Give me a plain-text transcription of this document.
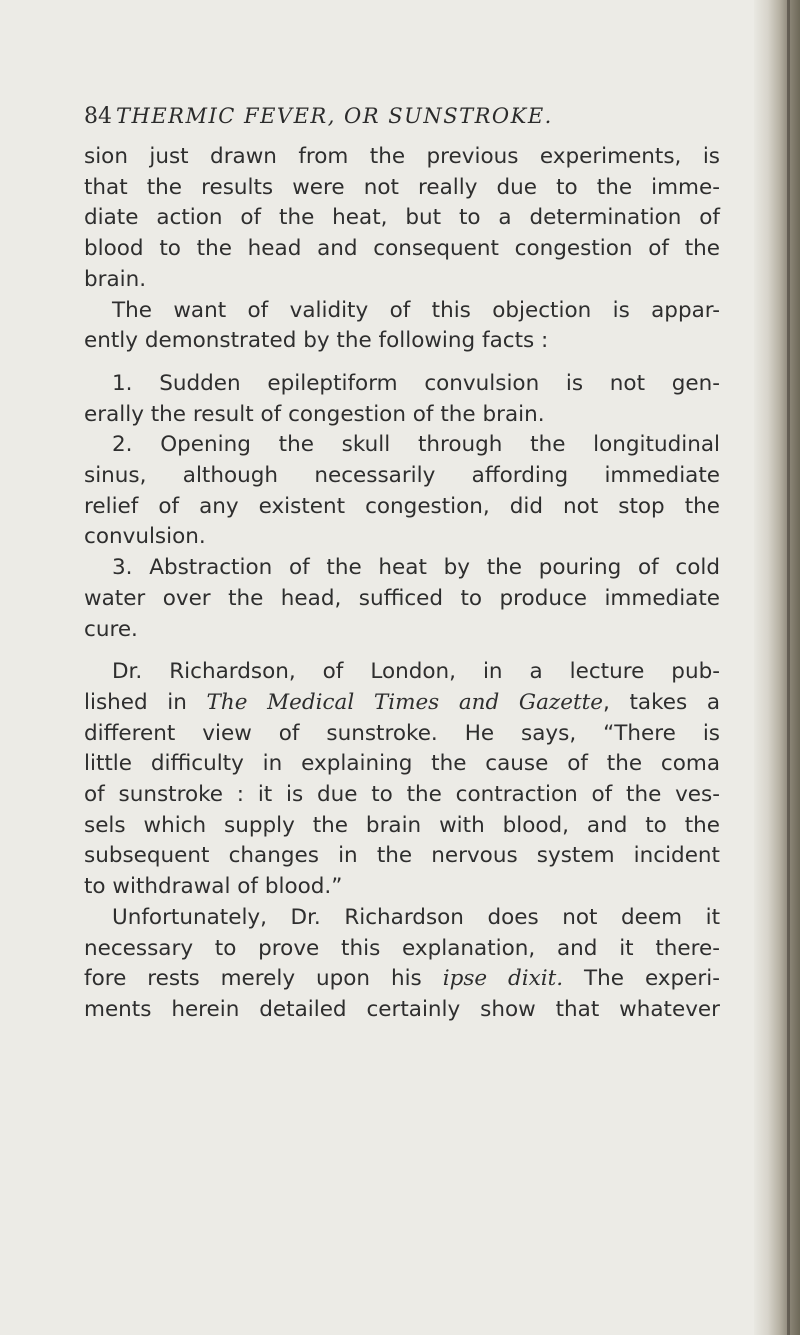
84 THERMIC FEVER, OR SUNSTROKE.
sion just drawn from the previous experiments, is
that the results were not really due to the imme-
diate action of the heat, but to a determination of
blood to the head and consequent congestion of the
brain.
The want of validity of this objection is appar-
ently demonstrated by the following facts :
1. Sudden epileptiform convulsion is not gen-
erally the result of congestion of the brain.
2. Opening the skull through the longitudinal
sinus, although necessarily affording immediate
relief of any existent congestion, did not stop the
convulsion.
3. Abstraction of the heat by the pouring of cold
water over the head, sufficed to produce immediate
cure.
Dr. Richardson, of London, in a lecture pub-
lished in The Medical Times and Gazette, takes a
different view of sunstroke. He says, “There is
little difficulty in explaining the cause of the coma
of sunstroke : it is due to the contraction of the ves-
sels which supply the brain with blood, and to the
subsequent changes in the nervous system incident
to withdrawal of blood.”
Unfortunately, Dr. Richardson does not deem it
necessary to prove this explanation, and it there-
fore rests merely upon his ipse dixit. The experi-
ments herein detailed certainly show that whatever
